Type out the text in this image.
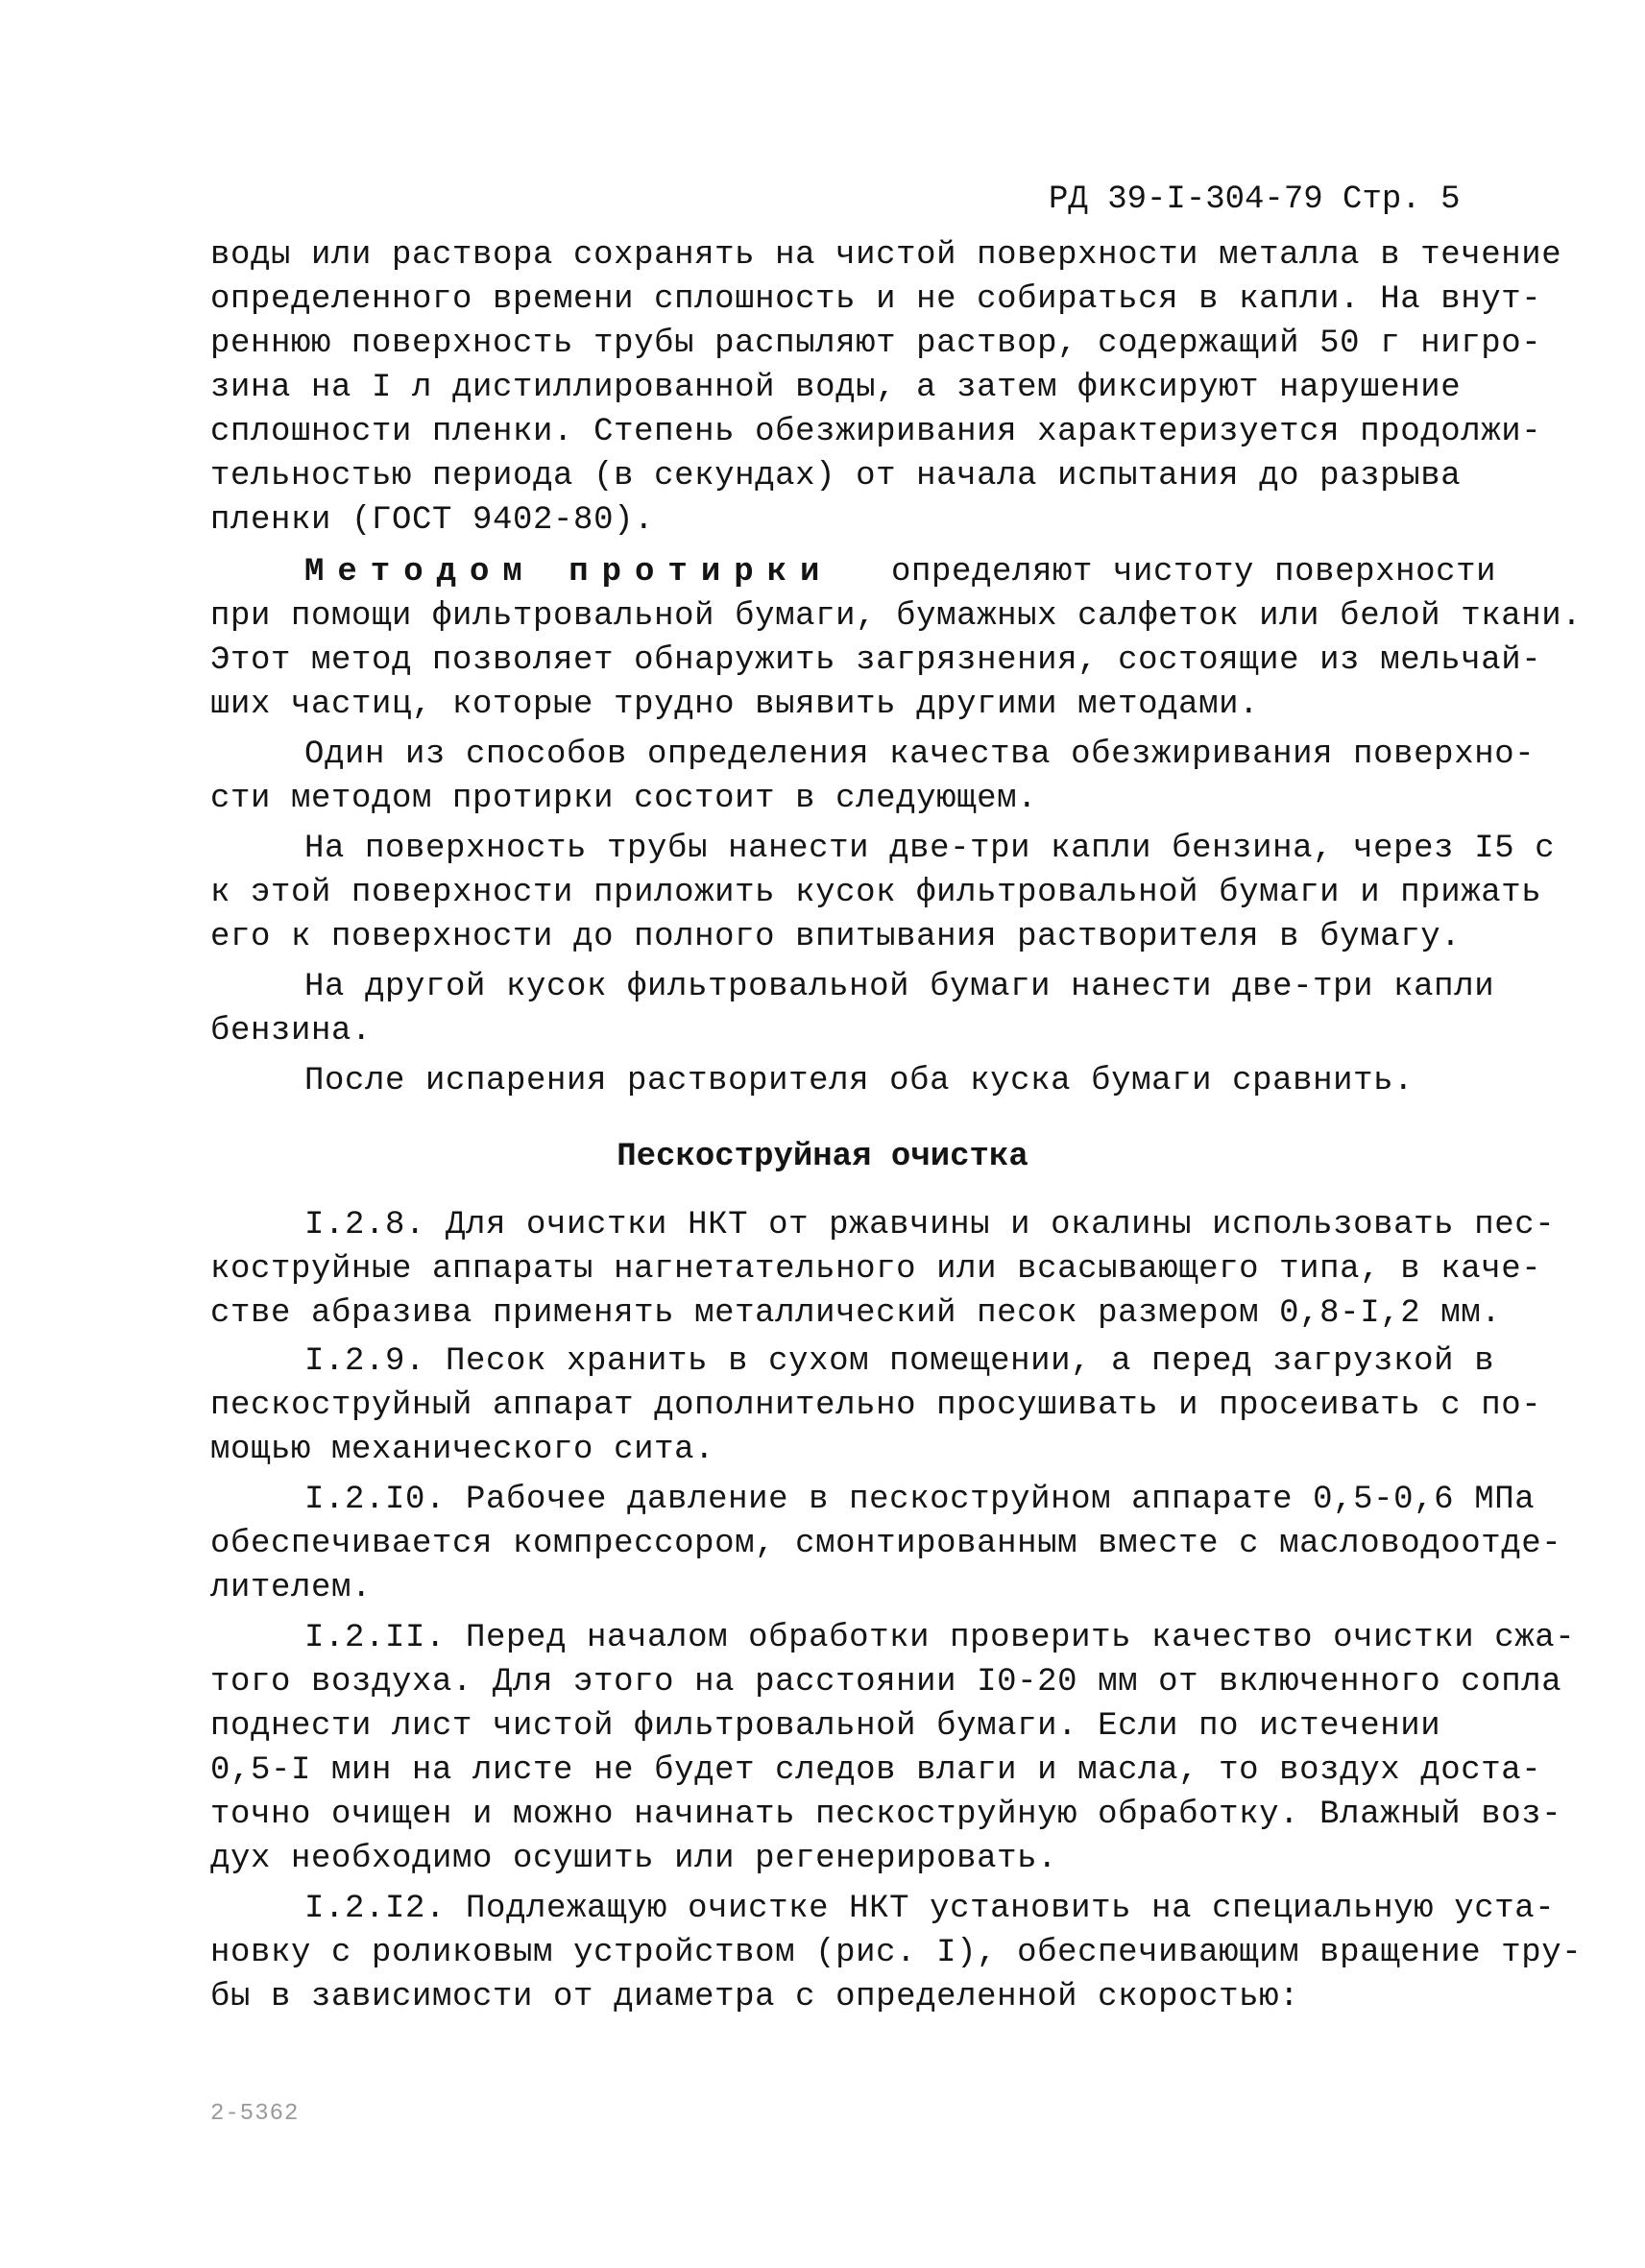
РД 39-I-304-79 Стр. 5
воды или раствора сохранять на чистой поверхности металла в течение
определенного времени сплошность и не собираться в капли. На внут-
реннюю поверхность трубы распыляют раствор, содержащий 50 г нигро-
зина на I л дистиллированной воды, а затем фиксируют нарушение
сплошности пленки. Степень обезжиривания характеризуется продолжи-
тельностью периода (в секундах) от начала испытания до разрыва
пленки (ГОСТ 9402-80).
Методом протирки определяют чистоту поверхности
при помощи фильтровальной бумаги, бумажных салфеток или белой ткани.
Этот метод позволяет обнаружить загрязнения, состоящие из мельчай-
ших частиц, которые трудно выявить другими методами.
Один из способов определения качества обезжиривания поверхно-
сти методом протирки состоит в следующем.
На поверхность трубы нанести две-три капли бензина, через I5 с
к этой поверхности приложить кусок фильтровальной бумаги и прижать
его к поверхности до полного впитывания растворителя в бумагу.
На другой кусок фильтровальной бумаги нанести две-три капли
бензина.
После испарения растворителя оба куска бумаги сравнить.
Пескоструйная очистка
I.2.8. Для очистки НКТ от ржавчины и окалины использовать пес-
коструйные аппараты нагнетательного или всасывающего типа, в каче-
стве абразива применять металлический песок размером 0,8-I,2 мм.
I.2.9. Песок хранить в сухом помещении, а перед загрузкой в
пескоструйный аппарат дополнительно просушивать и просеивать с по-
мощью механического сита.
I.2.I0. Рабочее давление в пескоструйном аппарате 0,5-0,6 МПа
обеспечивается компрессором, смонтированным вместе с масловодоотде-
лителем.
I.2.II. Перед началом обработки проверить качество очистки сжа-
того воздуха. Для этого на расстоянии I0-20 мм от включенного сопла
поднести лист чистой фильтровальной бумаги. Если по истечении
0,5-I мин на листе не будет следов влаги и масла, то воздух доста-
точно очищен и можно начинать пескоструйную обработку. Влажный воз-
дух необходимо осушить или регенерировать.
I.2.I2. Подлежащую очистке НКТ установить на специальную уста-
новку с роликовым устройством (рис. I), обеспечивающим вращение тру-
бы в зависимости от диаметра с определенной скоростью:
2-5362
